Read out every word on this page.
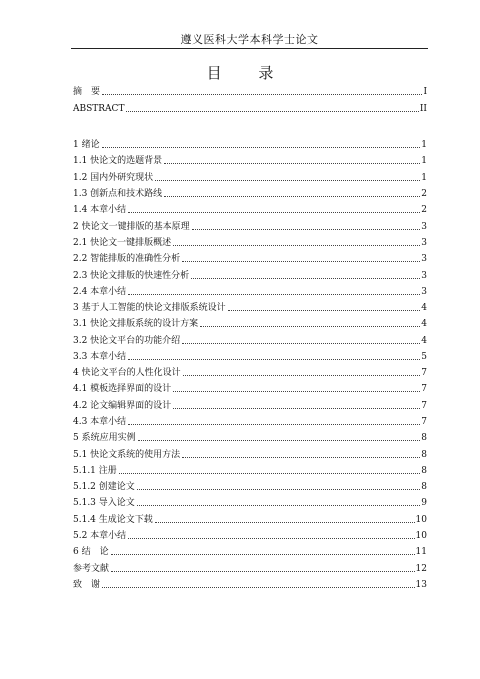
遵义医科大学本科学士论文
目 录
摘　要	I
ABSTRACT	II
1 绪论	1
1.1 快论文的选题背景	1
1.2 国内外研究现状	1
1.3 创新点和技术路线	2
1.4 本章小结	2
2 快论文一键排版的基本原理	3
2.1 快论文一键排版概述	3
2.2 智能排版的准确性分析	3
2.3 快论文排版的快速性分析	3
2.4 本章小结	3
3 基于人工智能的快论文排版系统设计	4
3.1 快论文排版系统的设计方案	4
3.2 快论文平台的功能介绍	4
3.3 本章小结	5
4 快论文平台的人性化设计	7
4.1 模板选择界面的设计	7
4.2 论文编辑界面的设计	7
4.3 本章小结	7
5 系统应用实例	8
5.1 快论文系统的使用方法	8
5.1.1 注册	8
5.1.2 创建论文	8
5.1.3 导入论文	9
5.1.4 生成论文下载	10
5.2 本章小结	10
6 结　论	11
参考文献	12
致　谢	13
